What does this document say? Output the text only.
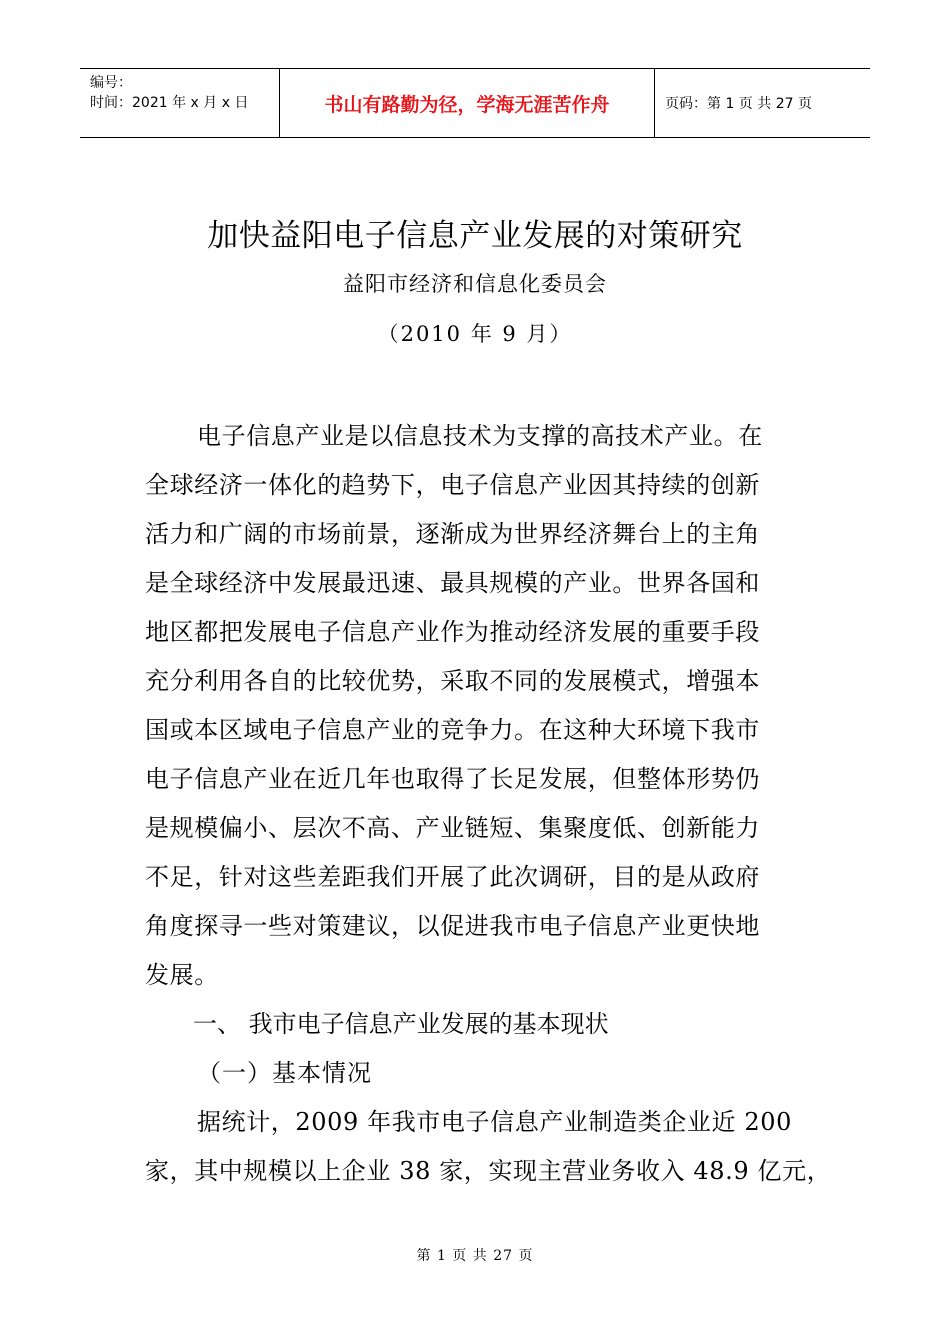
编号：
时间：2021 年 x 月 x 日	书山有路勤为径，学海无涯苦作舟	页码：第 1 页 共 27 页
加快益阳电子信息产业发展的对策研究
益阳市经济和信息化委员会
（2010 年 9 月）
电子信息产业是以信息技术为支撑的高技术产业。在
全球经济一体化的趋势下，电子信息产业因其持续的创新
活力和广阔的市场前景，逐渐成为世界经济舞台上的主角
是全球经济中发展最迅速、最具规模的产业。世界各国和
地区都把发展电子信息产业作为推动经济发展的重要手段
充分利用各自的比较优势，采取不同的发展模式，增强本
国或本区域电子信息产业的竞争力。在这种大环境下我市
电子信息产业在近几年也取得了长足发展，但整体形势仍
是规模偏小、层次不高、产业链短、集聚度低、创新能力
不足，针对这些差距我们开展了此次调研，目的是从政府
角度探寻一些对策建议，以促进我市电子信息产业更快地
发展。
一、 我市电子信息产业发展的基本现状
（一）基本情况
据统计，2009 年我市电子信息产业制造类企业近 200
家，其中规模以上企业 38 家，实现主营业务收入 48.9 亿元，
第 1 页 共 27 页
